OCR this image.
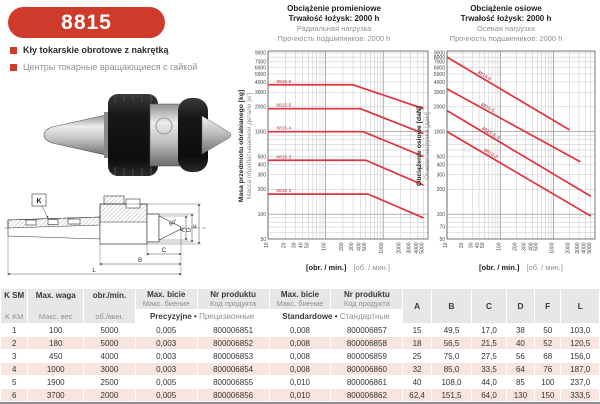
8815
Kły tokarskie obrotowe z nakrętką
Центры токарные вращающиеся с гайкой
K
60°
A D
F
C
B
L
Obciążenie promieniowe
Trwałość łożysk: 2000 h
Радиальная нагрузка
Прочность подшипников: 2000 h
Masa przedmiotu obrabianego [kg] Масса обрабатываемой детали [кг]
10 20 30 40 50 100 200 300 400 500 1000 2000 3000 4000 5000
9000
7000
6000
5000
4000
3000
2000
1000
500
400
300
200
100
50
8815-6
8815-5
8815-4
8815-3
8815-2
[obr. / min.] [об. / мин.]
Obciążenie osiowe
Trwałość łożysk: 2000 h
Осевая нагрузка
Прочность подшипников: 2000 h
Obciążenie osiowe [daN] Осевая нагрузка [даН]
10 20 30 40 50 100 200 300 400 500 1000 2000 3000 4000 5000
9000
8000
7000
6000
5000
4000
3000
2000
1000
500
400
300
200
100
70
50
8815-6
8815-5
8815-3, 4
8815-2
[obr. / min.] [об. / мин.]
K SM
K KM

Max. waga
Макс. вес

obr./min.
об./мин.

Max. bicie
Макс. биение

Nr produktu
Код продукта

Max. bicie
Макс. биение

Nr produktu
Код продукта	A	B	C	D	F	L
			Precyzyjne • Прецизионные		Standardowe • Стандартные							
1	100	5000	0,005	800006851	0,008	800006857	15	49,5	17,0	38	50	103,0
2	180	5000	0,003	800006852	0,008	800006858	18	56,5	21,5	40	52	120,5
3	450	4000	0,003	800006853	0,008	800006859	25	75,0	27,5	56	68	156,0
4	1000	3000	0,003	800006854	0,008	800006860	32	85,0	33,5	64	76	187,0
5	1900	2500	0,005	800006855	0,010	800006861	40	108,0	44,0	85	100	237,0
6	3700	2000	0,005	800006856	0,010	800006862	62,4	151,5	64,0	130	150	333,5
